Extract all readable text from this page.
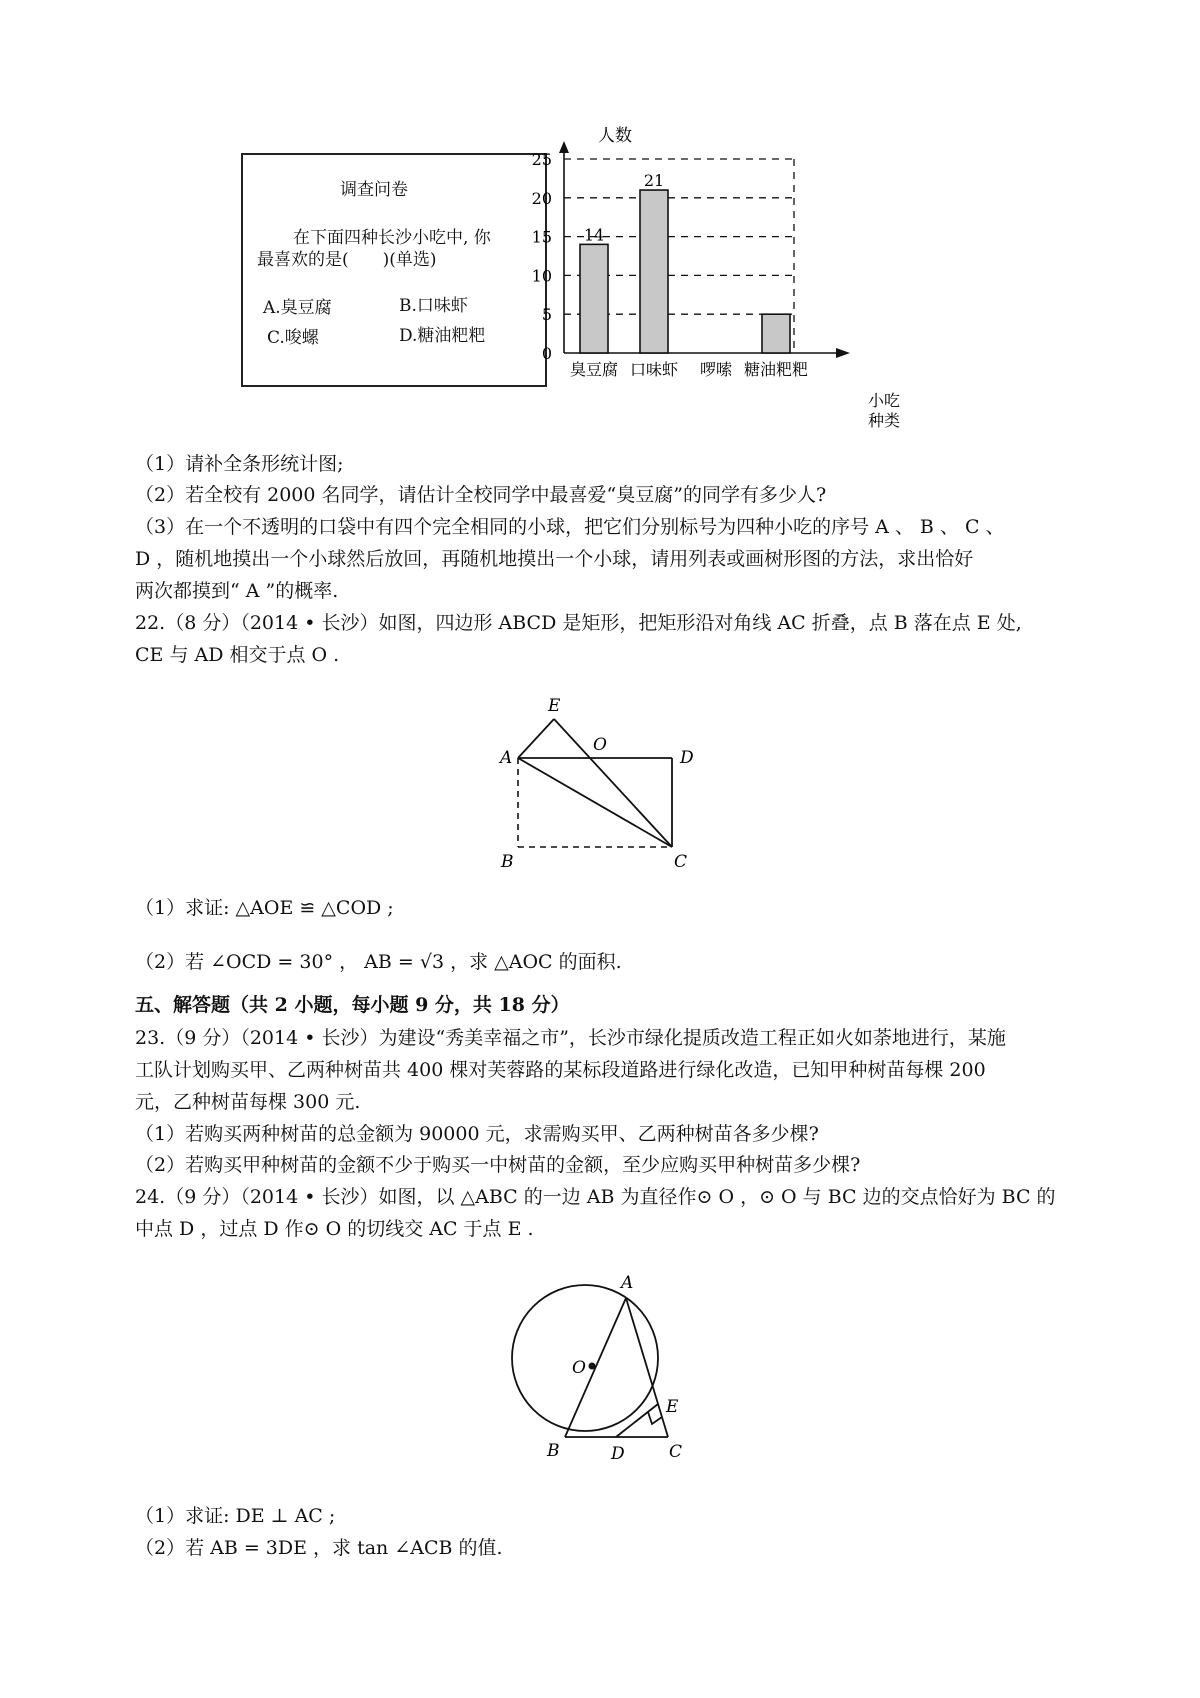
调查问卷
在下面四种长沙小吃中, 你
最喜欢的是(　　)(单选)
A.臭豆腐	B.口味虾
C.唆螺	D.糖油粑粑
人数
小吃
种类
0
5
10
15
20
25
14
臭豆腐
21
口味虾 啰嗦 糖油粑粑
（1）请补全条形统计图;
（2）若全校有 2000 名同学，请估计全校同学中最喜爱“臭豆腐”的同学有多少人?
（3）在一个不透明的口袋中有四个完全相同的小球，把它们分别标号为四种小吃的序号 A 、 B 、 C 、
D ，随机地摸出一个小球然后放回，再随机地摸出一个小球，请用列表或画树形图的方法，求出恰好
两次都摸到“ A ”的概率.
22.（8 分）（2014 • 长沙）如图，四边形 ABCD 是矩形，把矩形沿对角线 AC 折叠，点 B 落在点 E 处,
CE 与 AD 相交于点 O .
E
O
A	D
B	C
（1）求证: △AOE ≌ △COD ;
（2）若 ∠OCD = 30° ， AB = √3 ，求 △AOC 的面积.
五、解答题（共 2 小题，每小题 9 分，共 18 分）
23.（9 分）（2014 • 长沙）为建设“秀美幸福之市”，长沙市绿化提质改造工程正如火如荼地进行，某施
工队计划购买甲、乙两种树苗共 400 棵对芙蓉路的某标段道路进行绿化改造，已知甲种树苗每棵 200
元，乙种树苗每棵 300 元.
（1）若购买两种树苗的总金额为 90000 元，求需购买甲、乙两种树苗各多少棵?
（2）若购买甲种树苗的金额不少于购买一中树苗的金额，至少应购买甲种树苗多少棵?
24.（9 分）（2014 • 长沙）如图，以 △ABC 的一边 AB 为直径作⊙ O ，⊙ O 与 BC 边的交点恰好为 BC 的
中点 D ，过点 D 作⊙ O 的切线交 AC 于点 E .
A
O
E
B	D	C
（1）求证: DE ⊥ AC ;
（2）若 AB = 3DE ，求 tan ∠ACB 的值.
